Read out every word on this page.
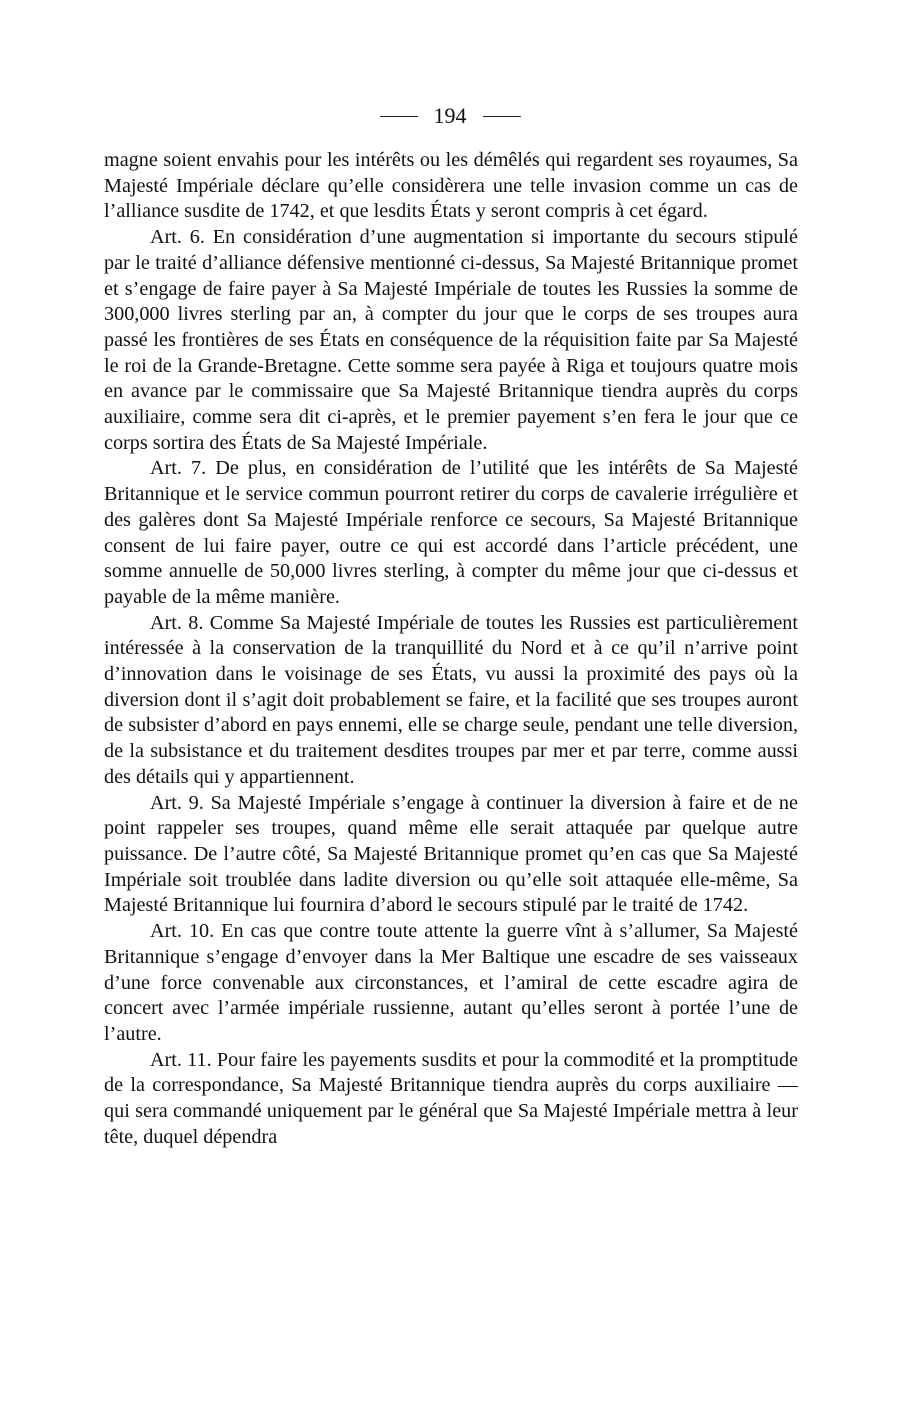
194

magne soient envahis pour les intérêts ou les démêlés qui regardent ses royaumes, Sa Majesté Impériale déclare qu’elle considèrera une telle invasion comme un cas de l’alliance susdite de 1742, et que lesdits États y seront compris à cet égard.

Art. 6. En considération d’une augmentation si importante du secours stipulé par le traité d’alliance défensive mentionné ci-dessus, Sa Majesté Britannique promet et s’engage de faire payer à Sa Majesté Impériale de toutes les Russies la somme de 300,000 livres sterling par an, à compter du jour que le corps de ses troupes aura passé les frontières de ses États en conséquence de la réquisition faite par Sa Majesté le roi de la Grande-Bretagne. Cette somme sera payée à Riga et toujours quatre mois en avance par le commissaire que Sa Majesté Britannique tiendra auprès du corps auxiliaire, comme sera dit ci-après, et le premier payement s’en fera le jour que ce corps sortira des États de Sa Majesté Impériale.

Art. 7. De plus, en considération de l’utilité que les intérêts de Sa Majesté Britannique et le service commun pourront retirer du corps de cavalerie irrégulière et des galères dont Sa Majesté Impériale renforce ce secours, Sa Majesté Britannique consent de lui faire payer, outre ce qui est accordé dans l’article précédent, une somme annuelle de 50,000 livres sterling, à compter du même jour que ci-dessus et payable de la même manière.

Art. 8. Comme Sa Majesté Impériale de toutes les Russies est particulièrement intéressée à la conservation de la tranquillité du Nord et à ce qu’il n’arrive point d’innovation dans le voisinage de ses États, vu aussi la proximité des pays où la diversion dont il s’agit doit probablement se faire, et la facilité que ses troupes auront de subsister d’abord en pays ennemi, elle se charge seule, pendant une telle diversion, de la subsistance et du traitement desdites troupes par mer et par terre, comme aussi des détails qui y appartiennent.

Art. 9. Sa Majesté Impériale s’engage à continuer la diversion à faire et de ne point rappeler ses troupes, quand même elle serait attaquée par quelque autre puissance. De l’autre côté, Sa Majesté Britannique promet qu’en cas que Sa Majesté Impériale soit troublée dans ladite diversion ou qu’elle soit attaquée elle-même, Sa Majesté Britannique lui fournira d’abord le secours stipulé par le traité de 1742.

Art. 10. En cas que contre toute attente la guerre vînt à s’allumer, Sa Majesté Britannique s’engage d’envoyer dans la Mer Baltique une escadre de ses vaisseaux d’une force convenable aux circonstances, et l’amiral de cette escadre agira de concert avec l’armée impériale russienne, autant qu’elles seront à portée l’une de l’autre.

Art. 11. Pour faire les payements susdits et pour la commodité et la promptitude de la correspondance, Sa Majesté Britannique tiendra auprès du corps auxiliaire — qui sera commandé uniquement par le général que Sa Majesté Impériale mettra à leur tête, duquel dépendra
